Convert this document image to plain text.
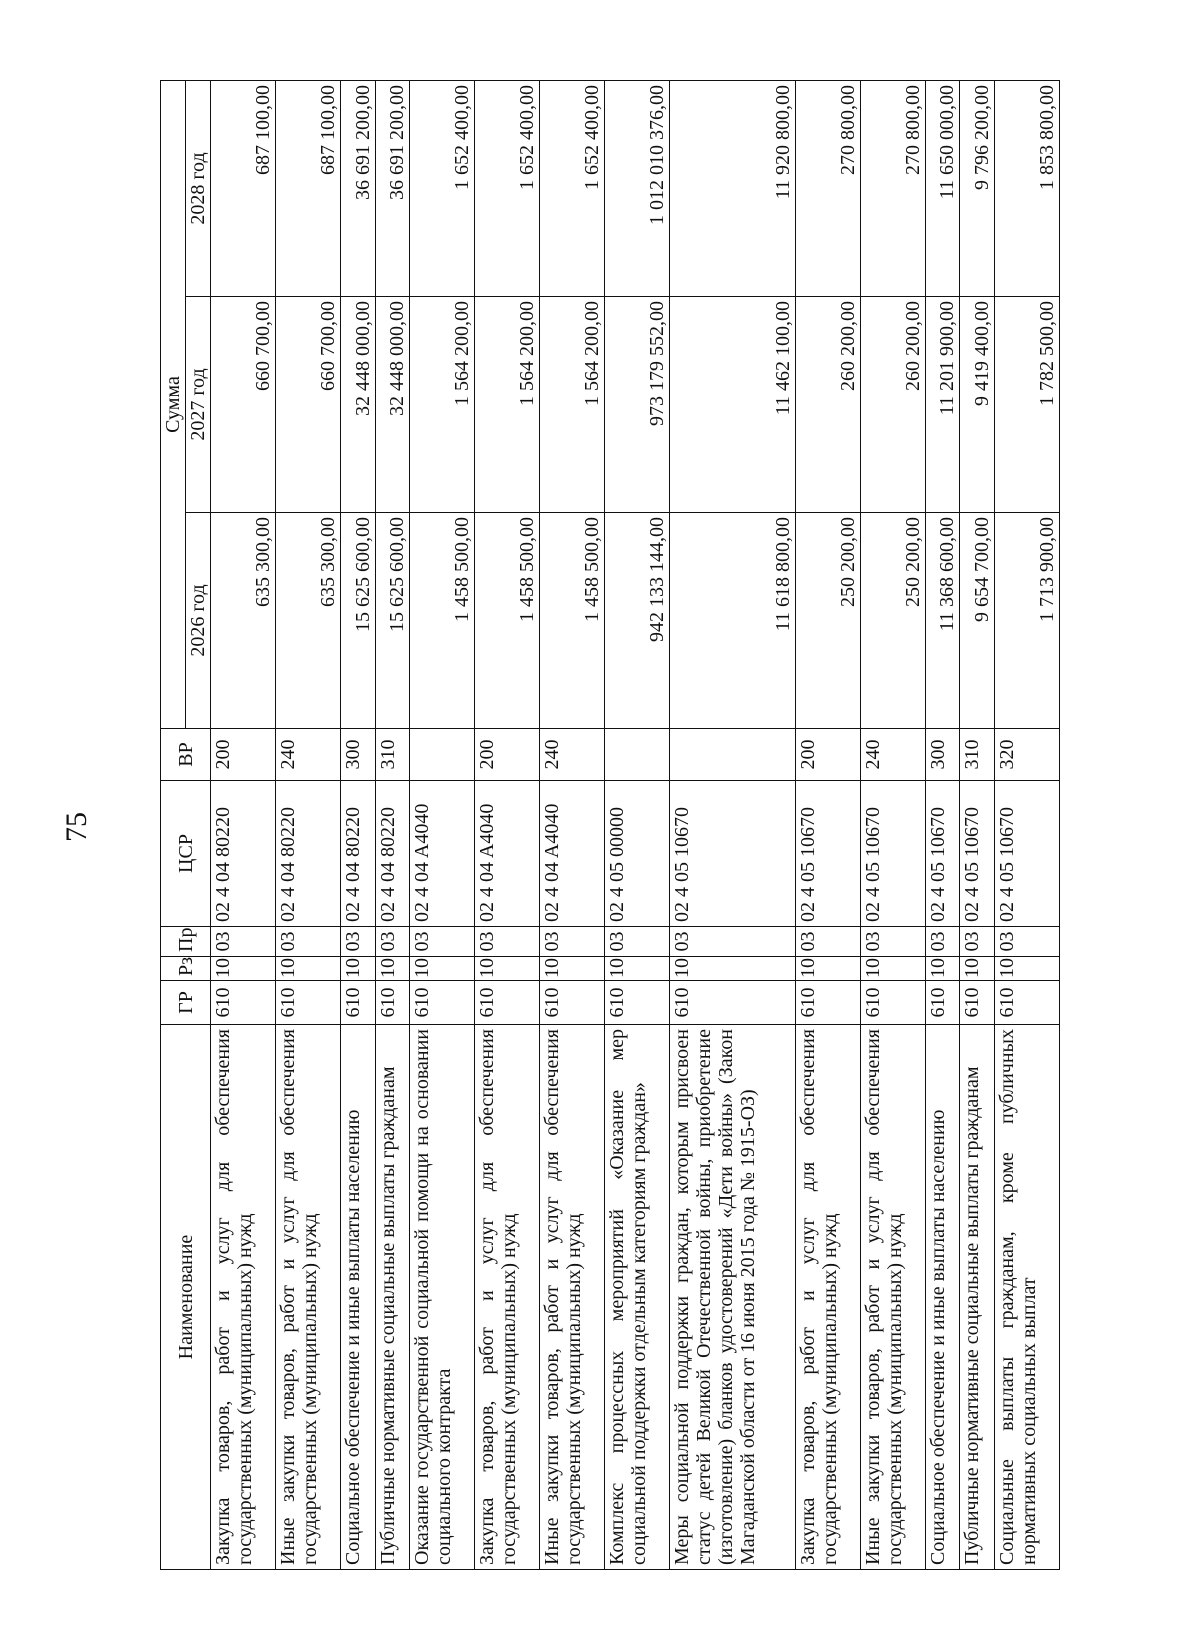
75
Наименование	ГР	Рз	Пр	ЦСР	ВР	Сумма		
						2026 год	2027 год	2028 год
Закупка товаров, работ и услуг для обеспечения государственных (муниципальных) нужд	610	10	03	02 4 04 80220	200	635 300,00	660 700,00	687 100,00
Иные закупки товаров, работ и услуг для обеспечения государственных (муниципальных) нужд	610	10	03	02 4 04 80220	240	635 300,00	660 700,00	687 100,00
Социальное обеспечение и иные выплаты населению	610	10	03	02 4 04 80220	300	15 625 600,00	32 448 000,00	36 691 200,00
Публичные нормативные социальные выплаты гражданам	610	10	03	02 4 04 80220	310	15 625 600,00	32 448 000,00	36 691 200,00
Оказание государственной социальной помощи на основании социального контракта	610	10	03	02 4 04 A4040		1 458 500,00	1 564 200,00	1 652 400,00
Закупка товаров, работ и услуг для обеспечения государственных (муниципальных) нужд	610	10	03	02 4 04 A4040	200	1 458 500,00	1 564 200,00	1 652 400,00
Иные закупки товаров, работ и услуг для обеспечения государственных (муниципальных) нужд	610	10	03	02 4 04 A4040	240	1 458 500,00	1 564 200,00	1 652 400,00
Комплекс процессных мероприятий «Оказание мер социальной поддержки отдельным категориям граждан»	610	10	03	02 4 05 00000		942 133 144,00	973 179 552,00	1 012 010 376,00
Меры социальной поддержки граждан, которым присвоен статус детей Великой Отечественной войны, приобретение (изготовление) бланков удостоверений «Дети войны» (Закон Магаданской области от 16 июня 2015 года № 1915-ОЗ)	610	10	03	02 4 05 10670		11 618 800,00	11 462 100,00	11 920 800,00
Закупка товаров, работ и услуг для обеспечения государственных (муниципальных) нужд	610	10	03	02 4 05 10670	200	250 200,00	260 200,00	270 800,00
Иные закупки товаров, работ и услуг для обеспечения государственных (муниципальных) нужд	610	10	03	02 4 05 10670	240	250 200,00	260 200,00	270 800,00
Социальное обеспечение и иные выплаты населению	610	10	03	02 4 05 10670	300	11 368 600,00	11 201 900,00	11 650 000,00
Публичные нормативные социальные выплаты гражданам	610	10	03	02 4 05 10670	310	9 654 700,00	9 419 400,00	9 796 200,00
Социальные выплаты гражданам, кроме публичных нормативных социальных выплат	610	10	03	02 4 05 10670	320	1 713 900,00	1 782 500,00	1 853 800,00
